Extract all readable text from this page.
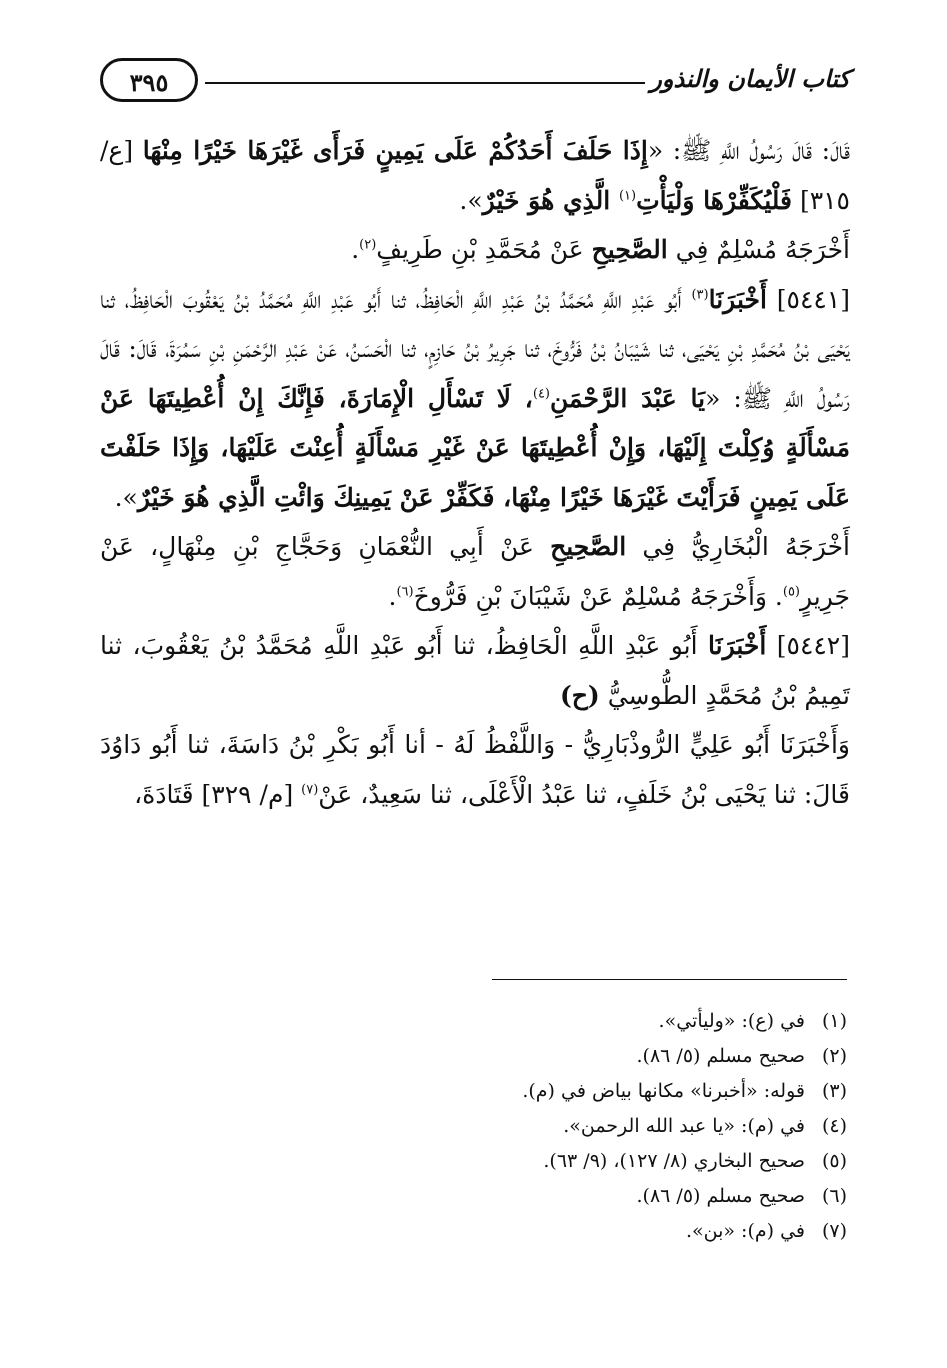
كتاب الأيمان والنذور
٣٩٥

قَالَ: قَالَ رَسُولُ اللَّهِ ﷺ: «إِذَا حَلَفَ أَحَدُكُمْ عَلَى يَمِينٍ فَرَأَى غَيْرَهَا خَيْرًا مِنْهَا [ع/ ٣١٥] فَلْيُكَفِّرْهَا وَلْيَأْتِ$^{(١)}$ الَّذِي هُوَ خَيْرٌ».

أَخْرَجَهُ مُسْلِمٌ فِي الصَّحِيحِ عَنْ مُحَمَّدِ بْنِ طَرِيفٍ$^{(٢)}$.

[٥٤٤١] أَخْبَرَنَا$^{(٣)}$ أَبُو عَبْدِ اللَّهِ مُحَمَّدُ بْنُ عَبْدِ اللَّهِ الْحَافِظُ، ثنا أَبُو عَبْدِ اللَّهِ مُحَمَّدُ بْنُ يَعْقُوبَ الْحَافِظُ، ثنا يَحْيَى بْنُ مُحَمَّدِ بْنِ يَحْيَى، ثنا شَيْبَانُ بْنُ فَرُّوخَ، ثنا جَرِيرُ بْنُ حَازِمٍ، ثنا الْحَسَنُ، عَنْ عَبْدِ الرَّحْمَنِ بْنِ سَمُرَةَ، قَالَ: قَالَ رَسُولُ اللَّهِ ﷺ: «يَا عَبْدَ الرَّحْمَنِ$^{(٤)}$، لَا تَسْأَلِ الْإِمَارَةَ، فَإِنَّكَ إِنْ أُعْطِيتَهَا عَنْ مَسْأَلَةٍ وُكِلْتَ إِلَيْهَا، وَإِنْ أُعْطِيتَهَا عَنْ غَيْرِ مَسْأَلَةٍ أُعِنْتَ عَلَيْهَا، وَإِذَا حَلَفْتَ عَلَى يَمِينٍ فَرَأَيْتَ غَيْرَهَا خَيْرًا مِنْهَا، فَكَفِّرْ عَنْ يَمِينِكَ وَائْتِ الَّذِي هُوَ خَيْرٌ».

أَخْرَجَهُ الْبُخَارِيُّ فِي الصَّحِيحِ عَنْ أَبِي النُّعْمَانِ وَحَجَّاجِ بْنِ مِنْهَالٍ، عَنْ جَرِيرٍ$^{(٥)}$. وَأَخْرَجَهُ مُسْلِمٌ عَنْ شَيْبَانَ بْنِ فَرُّوخَ$^{(٦)}$.

[٥٤٤٢] أَخْبَرَنَا أَبُو عَبْدِ اللَّهِ الْحَافِظُ، ثنا أَبُو عَبْدِ اللَّهِ مُحَمَّدُ بْنُ يَعْقُوبَ، ثنا تَمِيمُ بْنُ مُحَمَّدٍ الطُّوسِيُّ (ح)

وَأَخْبَرَنَا أَبُو عَلِيٍّ الرُّوذْبَارِيُّ - وَاللَّفْظُ لَهُ - أنا أَبُو بَكْرِ بْنُ دَاسَةَ، ثنا أَبُو دَاوُدَ قَالَ: ثنا يَحْيَى بْنُ خَلَفٍ، ثنا عَبْدُ الْأَعْلَى، ثنا سَعِيدٌ، عَنْ$^{(٧)}$ [م/ ٣٢٩] قَتَادَةَ،

(١)في (ع): «وليأتي».
(٢)صحيح مسلم (٥/ ٨٦).
(٣)قوله: «أخبرنا» مكانها بياض في (م).
(٤)في (م): «يا عبد الله الرحمن».
(٥)صحيح البخاري (٨/ ١٢٧)، (٩/ ٦٣).
(٦)صحيح مسلم (٥/ ٨٦).
(٧)في (م): «بن».
